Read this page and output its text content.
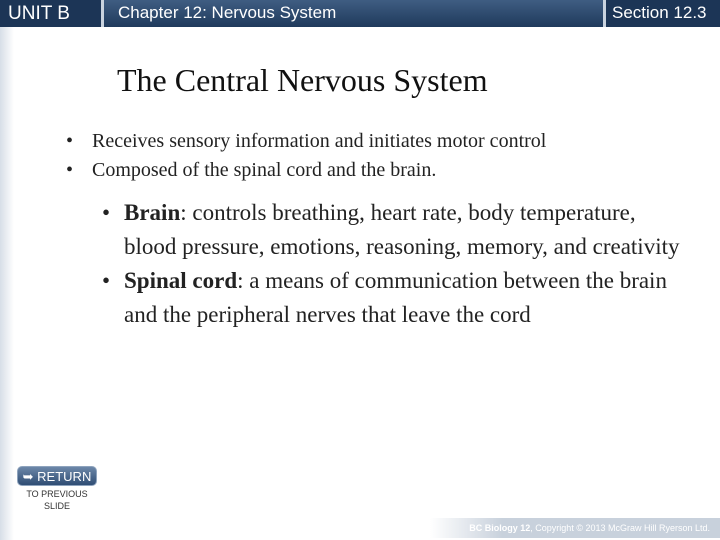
UNIT B	Chapter 12: Nervous System	Section 12.3
The Central Nervous System
• Receives sensory information and initiates motor control
• Composed of the spinal cord and the brain.
• Brain: controls breathing, heart rate, body temperature, blood pressure, emotions, reasoning, memory, and creativity
• Spinal cord: a means of communication between the brain and the peripheral nerves that leave the cord
➥ RETURN
TO PREVIOUS
SLIDE
BC Biology 12, Copyright © 2013 McGraw Hill Ryerson Ltd.
